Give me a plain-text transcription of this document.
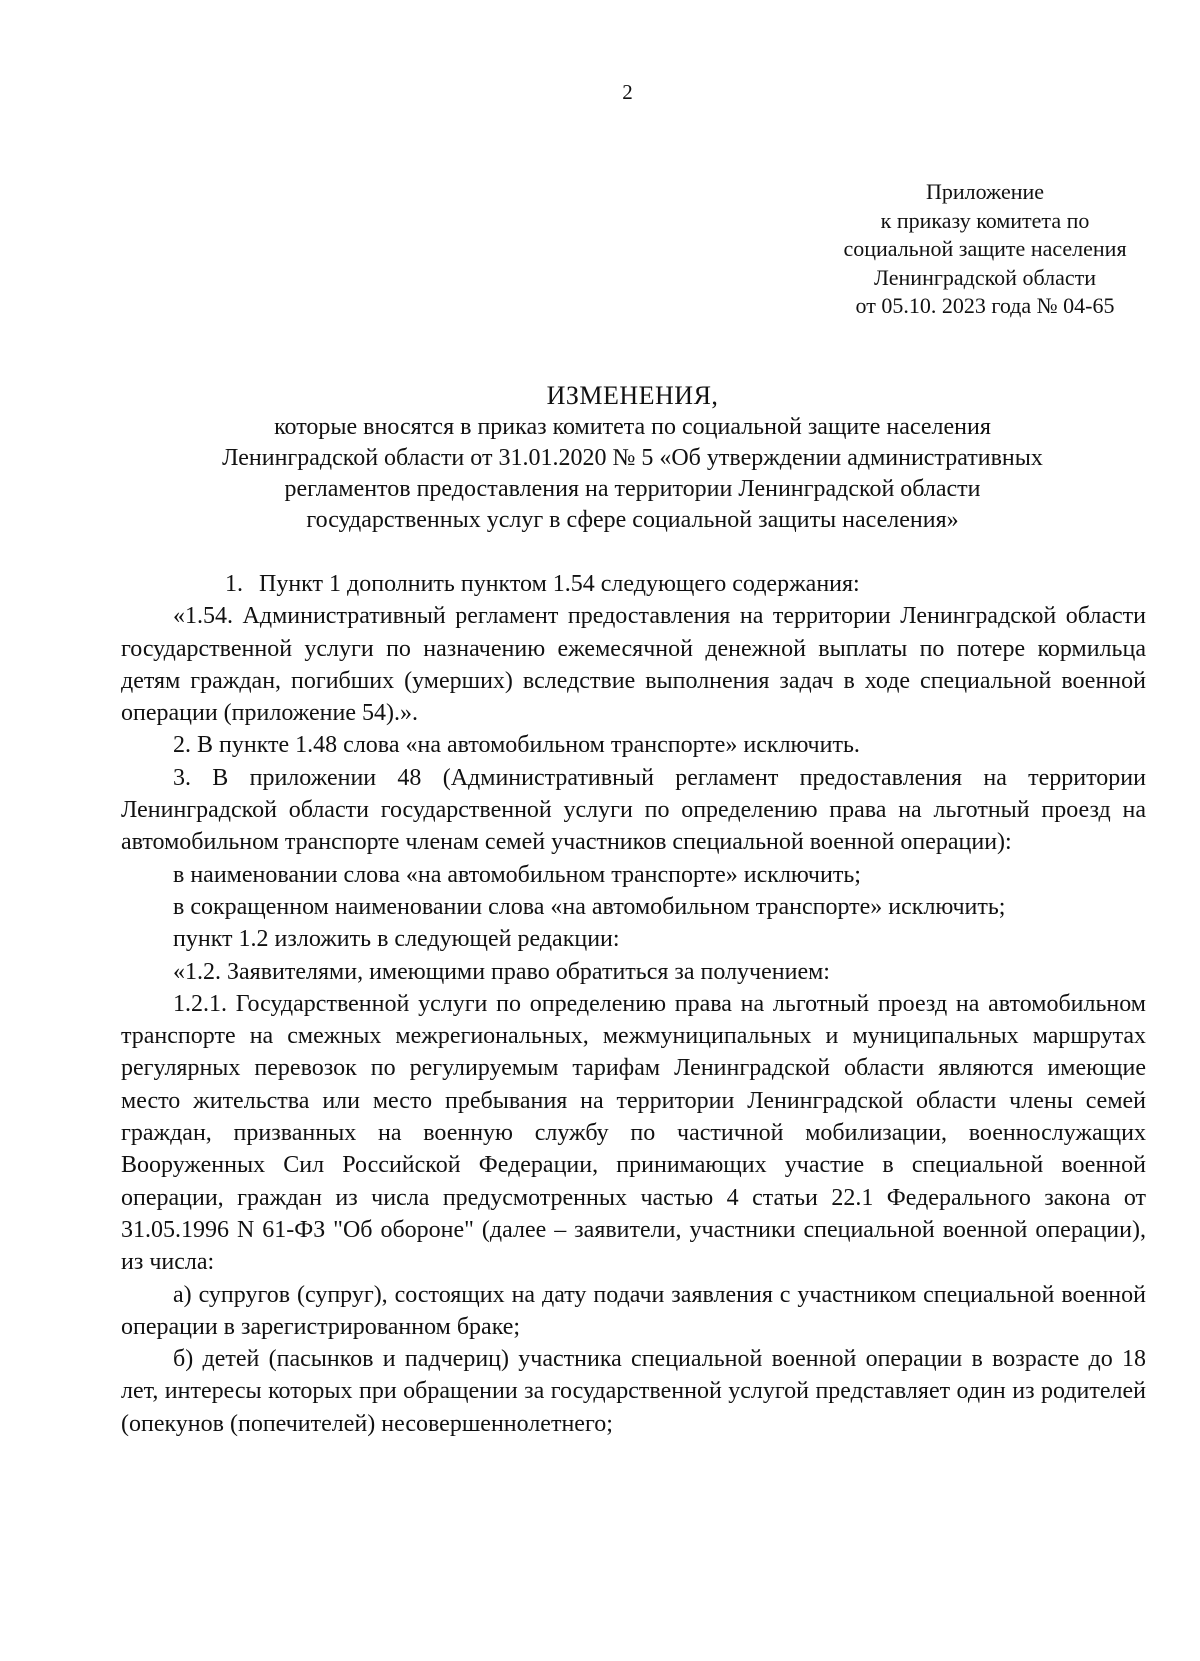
2
Приложение
к приказу комитета по
социальной защите населения
Ленинградской области
от 05.10. 2023 года № 04-65
ИЗМЕНЕНИЯ,
которые вносятся в приказ комитета по социальной защите населения
Ленинградской области от 31.01.2020 № 5 «Об утверждении административных
регламентов предоставления на территории Ленинградской области
государственных услуг в сфере социальной защиты населения»

1. Пункт 1 дополнить пунктом 1.54 следующего содержания:

«1.54. Административный регламент предоставления на территории Ленинградской области государственной услуги по назначению ежемесячной денежной выплаты по потере кормильца детям граждан, погибших (умерших) вследствие выполнения задач в ходе специальной военной операции (приложение 54).».

2. В пункте 1.48 слова «на автомобильном транспорте» исключить.

3. В приложении 48 (Административный регламент предоставления на территории Ленинградской области государственной услуги по определению права на льготный проезд на автомобильном транспорте членам семей участников специальной военной операции):

в наименовании слова «на автомобильном транспорте» исключить;

в сокращенном наименовании слова «на автомобильном транспорте» исключить;

пункт 1.2 изложить в следующей редакции:

«1.2. Заявителями, имеющими право обратиться за получением:

1.2.1. Государственной услуги по определению права на льготный проезд на автомобильном транспорте на смежных межрегиональных, межмуниципальных и муниципальных маршрутах регулярных перевозок по регулируемым тарифам Ленинградской области являются имеющие место жительства или место пребывания на территории Ленинградской области члены семей граждан, призванных на военную службу по частичной мобилизации, военнослужащих Вооруженных Сил Российской Федерации, принимающих участие в специальной военной операции, граждан из числа предусмотренных частью 4 статьи 22.1 Федерального закона от 31.05.1996 N 61-ФЗ "Об обороне" (далее – заявители, участники специальной военной операции), из числа:

а) супругов (супруг), состоящих на дату подачи заявления с участником специальной военной операции в зарегистрированном браке;

б) детей (пасынков и падчериц) участника специальной военной операции в возрасте до 18 лет, интересы которых при обращении за государственной услугой представляет один из родителей (опекунов (попечителей) несовершеннолетнего;
